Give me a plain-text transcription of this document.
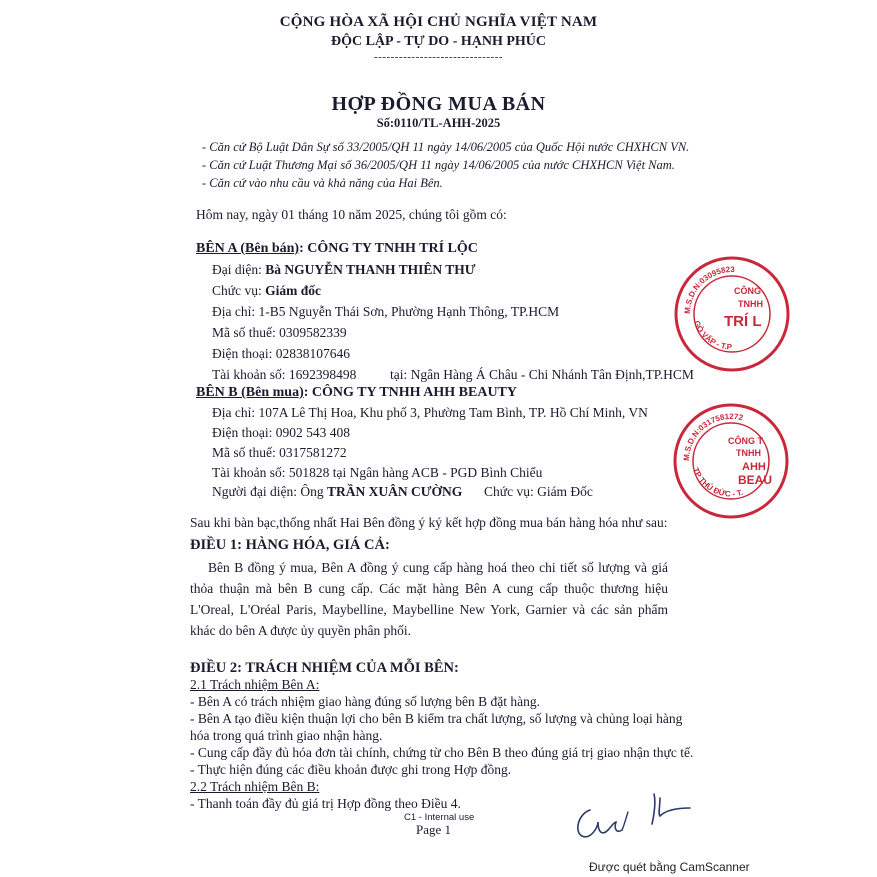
CỘNG HÒA XÃ HỘI CHỦ NGHĨA VIỆT NAM
ĐỘC LẬP - TỰ DO - HẠNH PHÚC
-------------------------------
HỢP ĐỒNG MUA BÁN
Số:0110/TL-AHH-2025
- Căn cứ Bộ Luật Dân Sự số 33/2005/QH 11 ngày 14/06/2005 của Quốc Hội nước CHXHCN VN.
- Căn cứ Luật Thương Mại số 36/2005/QH 11 ngày 14/06/2005 của nước CHXHCN Việt Nam.
- Căn cứ vào nhu cầu và khả năng của Hai Bên.
Hôm nay, ngày 01 tháng 10 năm 2025, chúng tôi gồm có:
BÊN A (Bên bán): CÔNG TY TNHH TRÍ LỘC
Đại diện: Bà NGUYỄN THANH THIÊN THƯ
Chức vụ: Giám đốc
Địa chỉ: 1-B5 Nguyễn Thái Sơn, Phường Hạnh Thông, TP.HCM
Mã số thuế: 0309582339
Điện thoại: 02838107646
Tài khoản số: 1692398498 tại: Ngân Hàng Á Châu - Chi Nhánh Tân Định,TP.HCM
BÊN B (Bên mua): CÔNG TY TNHH AHH BEAUTY
Địa chỉ: 107A Lê Thị Hoa, Khu phố 3, Phường Tam Bình, TP. Hồ Chí Minh, VN
Điện thoại: 0902 543 408
Mã số thuế: 0317581272
Tài khoản số: 501828 tại Ngân hàng ACB - PGD Bình Chiểu
Người đại diện: Ông TRẦN XUÂN CƯỜNG Chức vụ: Giám Đốc
Sau khi bàn bạc,thống nhất Hai Bên đồng ý ký kết hợp đồng mua bán hàng hóa như sau:
ĐIỀU 1: HÀNG HÓA, GIÁ CẢ:
Bên B đồng ý mua, Bên A đồng ý cung cấp hàng hoá theo chi tiết số lượng và giá thỏa thuận mà bên B cung cấp. Các mặt hàng Bên A cung cấp thuộc thương hiệu L'Oreal, L'Oréal Paris, Maybelline, Maybelline New York, Garnier và các sản phẩm khác do bên A được ủy quyền phân phối.
ĐIỀU 2: TRÁCH NHIỆM CỦA MỖI BÊN:
2.1 Trách nhiệm Bên A:
- Bên A có trách nhiệm giao hàng đúng số lượng bên B đặt hàng.
- Bên A tạo điều kiện thuận lợi cho bên B kiểm tra chất lượng, số lượng và chủng loại hàng
hóa trong quá trình giao nhận hàng.
- Cung cấp đầy đủ hóa đơn tài chính, chứng từ cho Bên B theo đúng giá trị giao nhận thực tế.
- Thực hiện đúng các điều khoản được ghi trong Hợp đồng.
2.2 Trách nhiệm Bên B:
- Thanh toán đầy đủ giá trị Hợp đồng theo Điều 4.
C1 - Internal use
Page 1
Được quét bằng CamScanner
M.S.D.N:03095823
GÒ VẤP - T.P
CÔNG
TNHH
TRÍ L
M.S.D.N:0317581272
TP THỦ ĐỨC - T.
CÔNG T
TNHH
AHH
BEAU
